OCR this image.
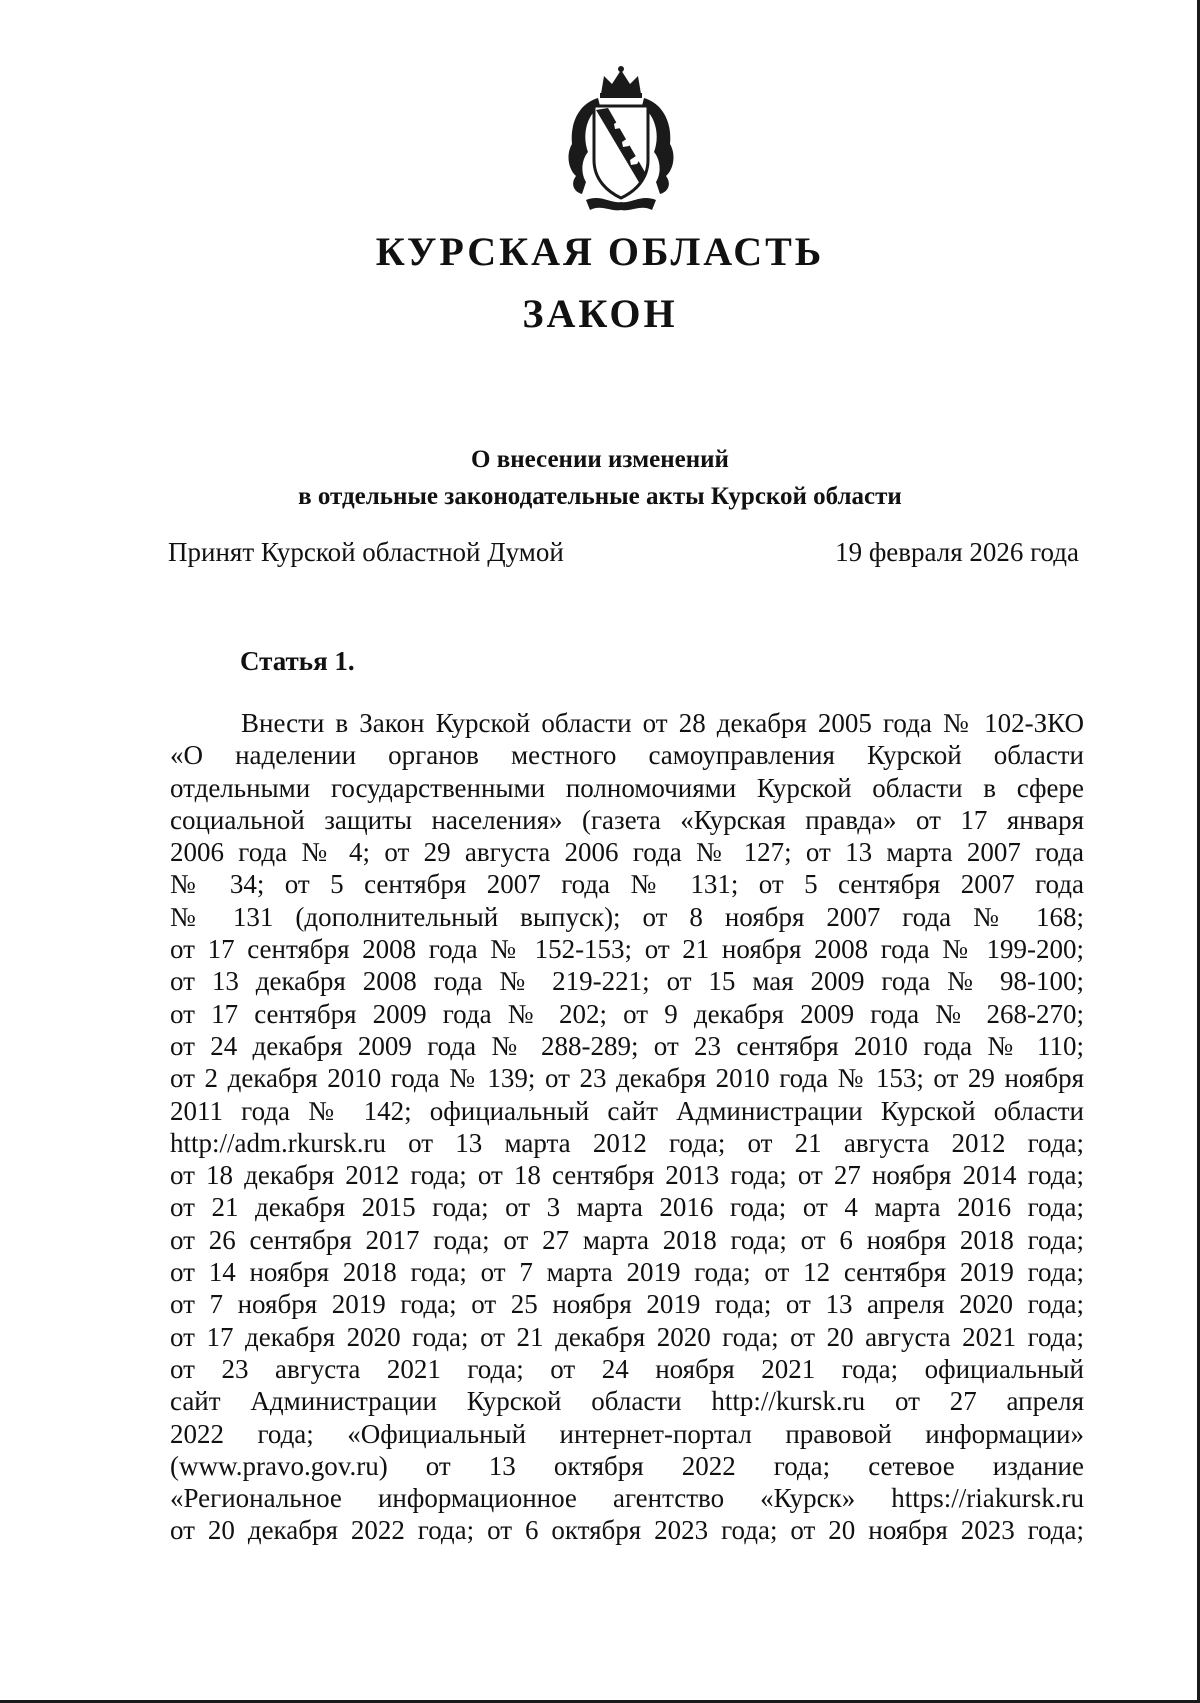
КУРСКАЯ ОБЛАСТЬ
ЗАКОН
О внесении изменений
в отдельные законодательные акты Курской области
Принят Курской областной Думой	19 февраля 2026 года
Статья 1.
Внести в Закон Курской области от 28 декабря 2005 года № 102-ЗКО
«О наделении органов местного самоуправления Курской области
отдельными государственными полномочиями Курской области в сфере
социальной защиты населения» (газета «Курская правда» от 17 января
2006 года № 4; от 29 августа 2006 года № 127; от 13 марта 2007 года
№ 34; от 5 сентября 2007 года № 131; от 5 сентября 2007 года
№ 131 (дополнительный выпуск); от 8 ноября 2007 года № 168;
от 17 сентября 2008 года № 152-153; от 21 ноября 2008 года № 199-200;
от 13 декабря 2008 года № 219-221; от 15 мая 2009 года № 98-100;
от 17 сентября 2009 года № 202; от 9 декабря 2009 года № 268-270;
от 24 декабря 2009 года № 288-289; от 23 сентября 2010 года № 110;
от 2 декабря 2010 года № 139; от 23 декабря 2010 года № 153; от 29 ноября
2011 года № 142; официальный сайт Администрации Курской области
http://adm.rkursk.ru от 13 марта 2012 года; от 21 августа 2012 года;
от 18 декабря 2012 года; от 18 сентября 2013 года; от 27 ноября 2014 года;
от 21 декабря 2015 года; от 3 марта 2016 года; от 4 марта 2016 года;
от 26 сентября 2017 года; от 27 марта 2018 года; от 6 ноября 2018 года;
от 14 ноября 2018 года; от 7 марта 2019 года; от 12 сентября 2019 года;
от 7 ноября 2019 года; от 25 ноября 2019 года; от 13 апреля 2020 года;
от 17 декабря 2020 года; от 21 декабря 2020 года; от 20 августа 2021 года;
от 23 августа 2021 года; от 24 ноября 2021 года; официальный
сайт Администрации Курской области http://kursk.ru от 27 апреля
2022 года; «Официальный интернет-портал правовой информации»
(www.pravo.gov.ru) от 13 октября 2022 года; сетевое издание
«Региональное информационное агентство «Курск» https://riakursk.ru
от 20 декабря 2022 года; от 6 октября 2023 года; от 20 ноября 2023 года;
